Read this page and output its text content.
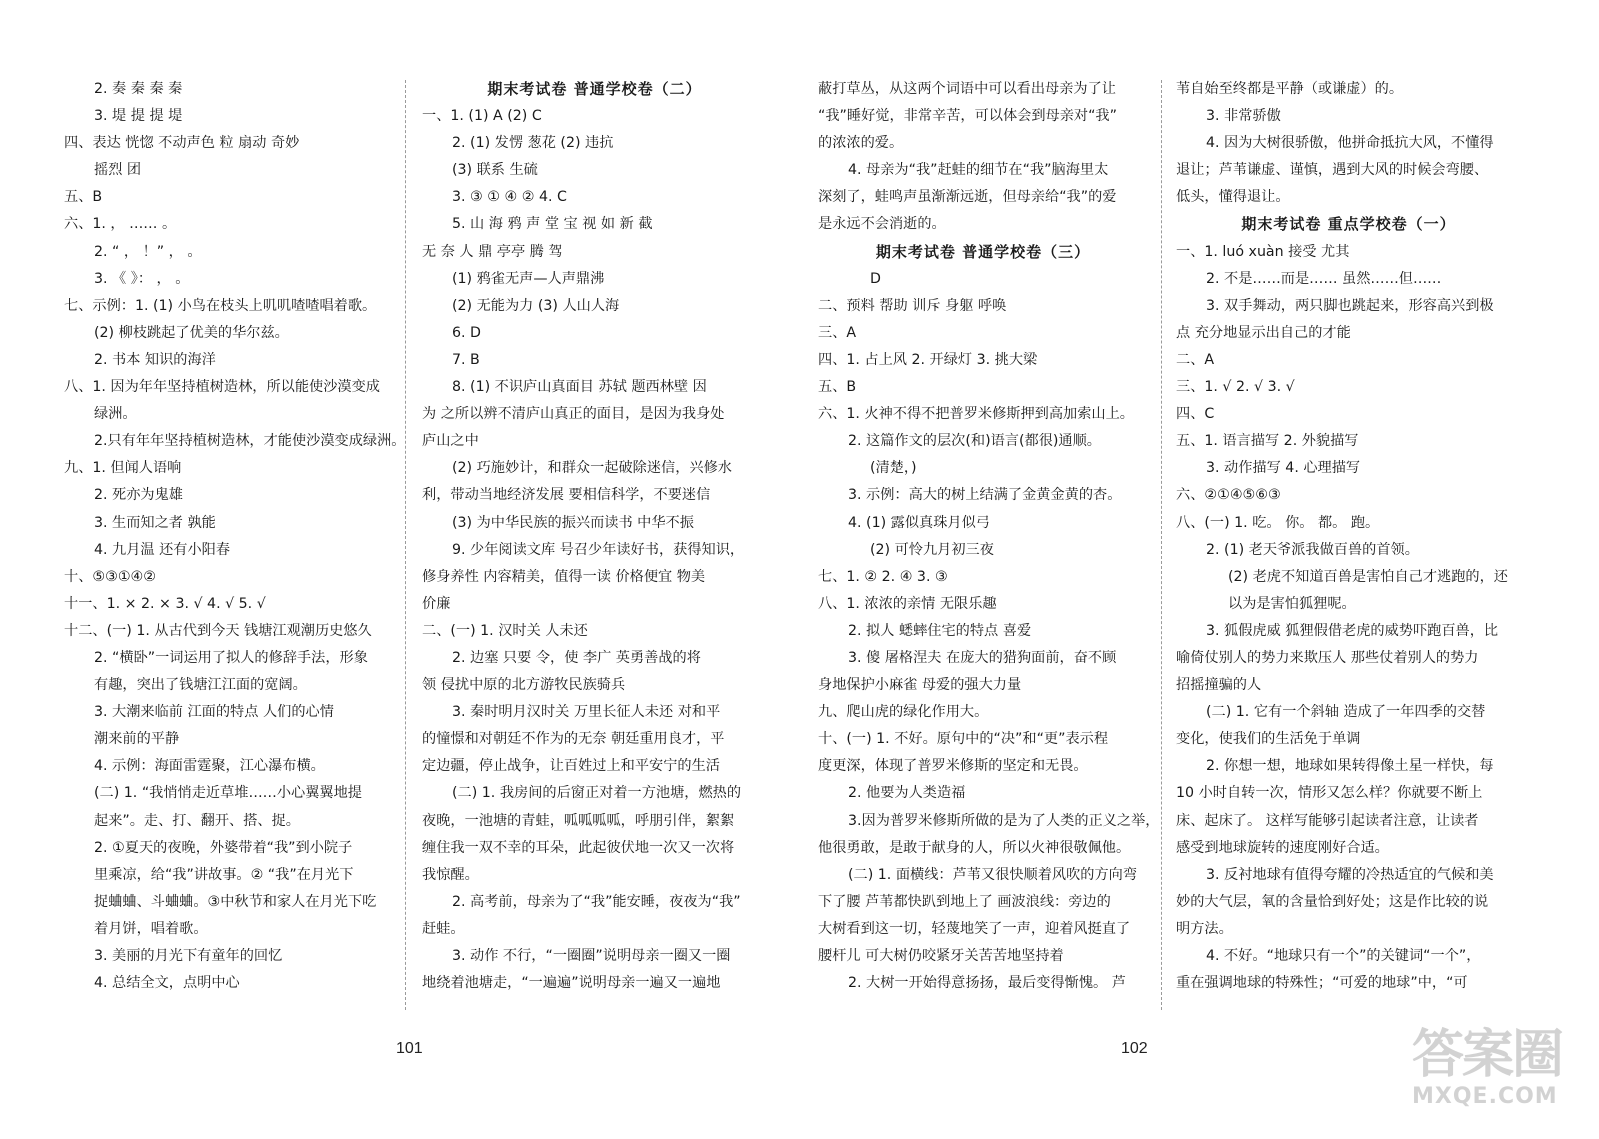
2. 奏 秦 秦 秦
3. 堤 提 提 堤
四、表达 恍惚 不动声色 粒 扇动 奇妙
摇烈 团
五、B
六、1. ， …… 。
2. “ ， ！” ， 。
3. 《 》： ， 。
七、示例：1. (1) 小鸟在枝头上叽叽喳喳唱着歌。
(2) 柳枝跳起了优美的华尔兹。
2. 书本 知识的海洋
八、1. 因为年年坚持植树造林，所以能使沙漠变成
绿洲。
2.只有年年坚持植树造林，才能使沙漠变成绿洲。
九、1. 但闻人语响
2. 死亦为鬼雄
3. 生而知之者 孰能
4. 九月温 还有小阳春
十、⑤③①④②
十一、1. × 2. × 3. √ 4. √ 5. √
十二、(一) 1. 从古代到今天 钱塘江观潮历史悠久
2. “横卧”一词运用了拟人的修辞手法，形象
有趣，突出了钱塘江江面的宽阔。
3. 大潮来临前 江面的特点 人们的心情
潮来前的平静
4. 示例：海面雷霆聚，江心瀑布横。
(二) 1. “我悄悄走近草堆……小心翼翼地提
起来”。走、打、翻开、搭、捉。
2. ①夏天的夜晚，外婆带着“我”到小院子
里乘凉，给“我”讲故事。② “我”在月光下
捉蛐蛐、斗蛐蛐。③中秋节和家人在月光下吃
着月饼，唱着歌。
3. 美丽的月光下有童年的回忆
4. 总结全文，点明中心
期末考试卷 普通学校卷（二）
一、1. (1) A (2) C
2. (1) 发愣 葱花 (2) 违抗
(3) 联系 生硫
3. ③ ① ④ ② 4. C
5. 山 海 鸦 声 堂 宝 视 如 新 截
无 奈 人 鼎 亭亭 腾 驾
(1) 鸦雀无声—人声鼎沸
(2) 无能为力 (3) 人山人海
6. D
7. B
8. (1) 不识庐山真面目 苏轼 题西林壁 因
为 之所以辨不清庐山真正的面目，是因为我身处
庐山之中
(2) 巧施妙计，和群众一起破除迷信，兴修水
利，带动当地经济发展 要相信科学，不要迷信
(3) 为中华民族的振兴而读书 中华不振
9. 少年阅读文库 号召少年读好书，获得知识，
修身养性 内容精美，值得一读 价格便宜 物美
价廉
二、(一) 1. 汉时关 人未还
2. 边塞 只要 令，使 李广 英勇善战的将
领 侵扰中原的北方游牧民族骑兵
3. 秦时明月汉时关 万里长征人未还 对和平
的憧憬和对朝廷不作为的无奈 朝廷重用良才，平
定边疆，停止战争，让百姓过上和平安宁的生活
(二) 1. 我房间的后窗正对着一方池塘，燃热的
夜晚，一池塘的青蛙，呱呱呱呱，呼朋引伴，絮絮
缠住我一双不幸的耳朵，此起彼伏地一次又一次将
我惊醒。
2. 高考前，母亲为了“我”能安睡，夜夜为“我”
赶蛙。
3. 动作 不行，“一圈圈”说明母亲一圈又一圈
地绕着池塘走，“一遍遍”说明母亲一遍又一遍地
蔽打草丛，从这两个词语中可以看出母亲为了让
“我”睡好觉，非常辛苦，可以体会到母亲对“我”
的浓浓的爱。
4. 母亲为“我”赶蛙的细节在“我”脑海里太
深刻了，蛙鸣声虽渐渐远逝，但母亲给“我”的爱
是永远不会消逝的。
期末考试卷 普通学校卷（三）
D
二、预料 帮助 训斥 身躯 呼唤
三、A
四、1. 占上风 2. 开绿灯 3. 挑大梁
五、B
六、1. 火神不得不把普罗米修斯押到高加索山上。
2. 这篇作文的层次(和)语言(都很)通顺。
(清楚，)
3. 示例：高大的树上结满了金黄金黄的杏。
4. (1) 露似真珠月似弓
(2) 可怜九月初三夜
七、1. ② 2. ④ 3. ③
八、1. 浓浓的亲情 无限乐趣
2. 拟人 蟋蟀住宅的特点 喜爱
3. 傻 屠格涅夫 在庞大的猎狗面前，奋不顾
身地保护小麻雀 母爱的强大力量
九、爬山虎的绿化作用大。
十、(一) 1. 不好。原句中的“决”和“更”表示程
度更深，体现了普罗米修斯的坚定和无畏。
2. 他要为人类造福
3.因为普罗米修斯所做的是为了人类的正义之举，
他很勇敢，是敢于献身的人，所以火神很敬佩他。
(二) 1. 面横线：芦苇又很快顺着风吹的方向弯
下了腰 芦苇都快趴到地上了 画波浪线：旁边的
大树看到这一切，轻蔑地笑了一声，迎着风挺直了
腰杆儿 可大树仍咬紧牙关苦苦地坚持着
2. 大树一开始得意扬扬，最后变得惭愧。 芦
苇自始至终都是平静（或谦虚）的。
3. 非常骄傲
4. 因为大树很骄傲，他拼命抵抗大风，不懂得
退让；芦苇谦虚、谨慎，遇到大风的时候会弯腰、
低头，懂得退让。
期末考试卷 重点学校卷（一）
一、1. luó xuàn 接受 尤其
2. 不是……而是…… 虽然……但……
3. 双手舞动，两只脚也跳起来，形容高兴到极
点 充分地显示出自己的才能
二、A
三、1. √ 2. √ 3. √
四、C
五、1. 语言描写 2. 外貌描写
3. 动作描写 4. 心理描写
六、②①④⑤⑥③
八、(一) 1. 吃。 你。 都。 跑。
2. (1) 老天爷派我做百兽的首领。
(2) 老虎不知道百兽是害怕自己才逃跑的，还
以为是害怕狐狸呢。
3. 狐假虎威 狐狸假借老虎的威势吓跑百兽，比
喻倚仗别人的势力来欺压人 那些仗着别人的势力
招摇撞骗的人
(二) 1. 它有一个斜轴 造成了一年四季的交替
变化，使我们的生活免于单调
2. 你想一想，地球如果转得像土星一样快，每
10 小时自转一次，情形又怎么样？你就要不断上
床、起床了。 这样写能够引起读者注意，让读者
感受到地球旋转的速度刚好合适。
3. 反衬地球有值得夸耀的冷热适宜的气候和美
妙的大气层，氧的含量恰到好处；这是作比较的说
明方法。
4. 不好。“地球只有一个”的关键词“一个”，
重在强调地球的特殊性；“可爱的地球”中，“可
101	102	答案圈
MXQE.COM
